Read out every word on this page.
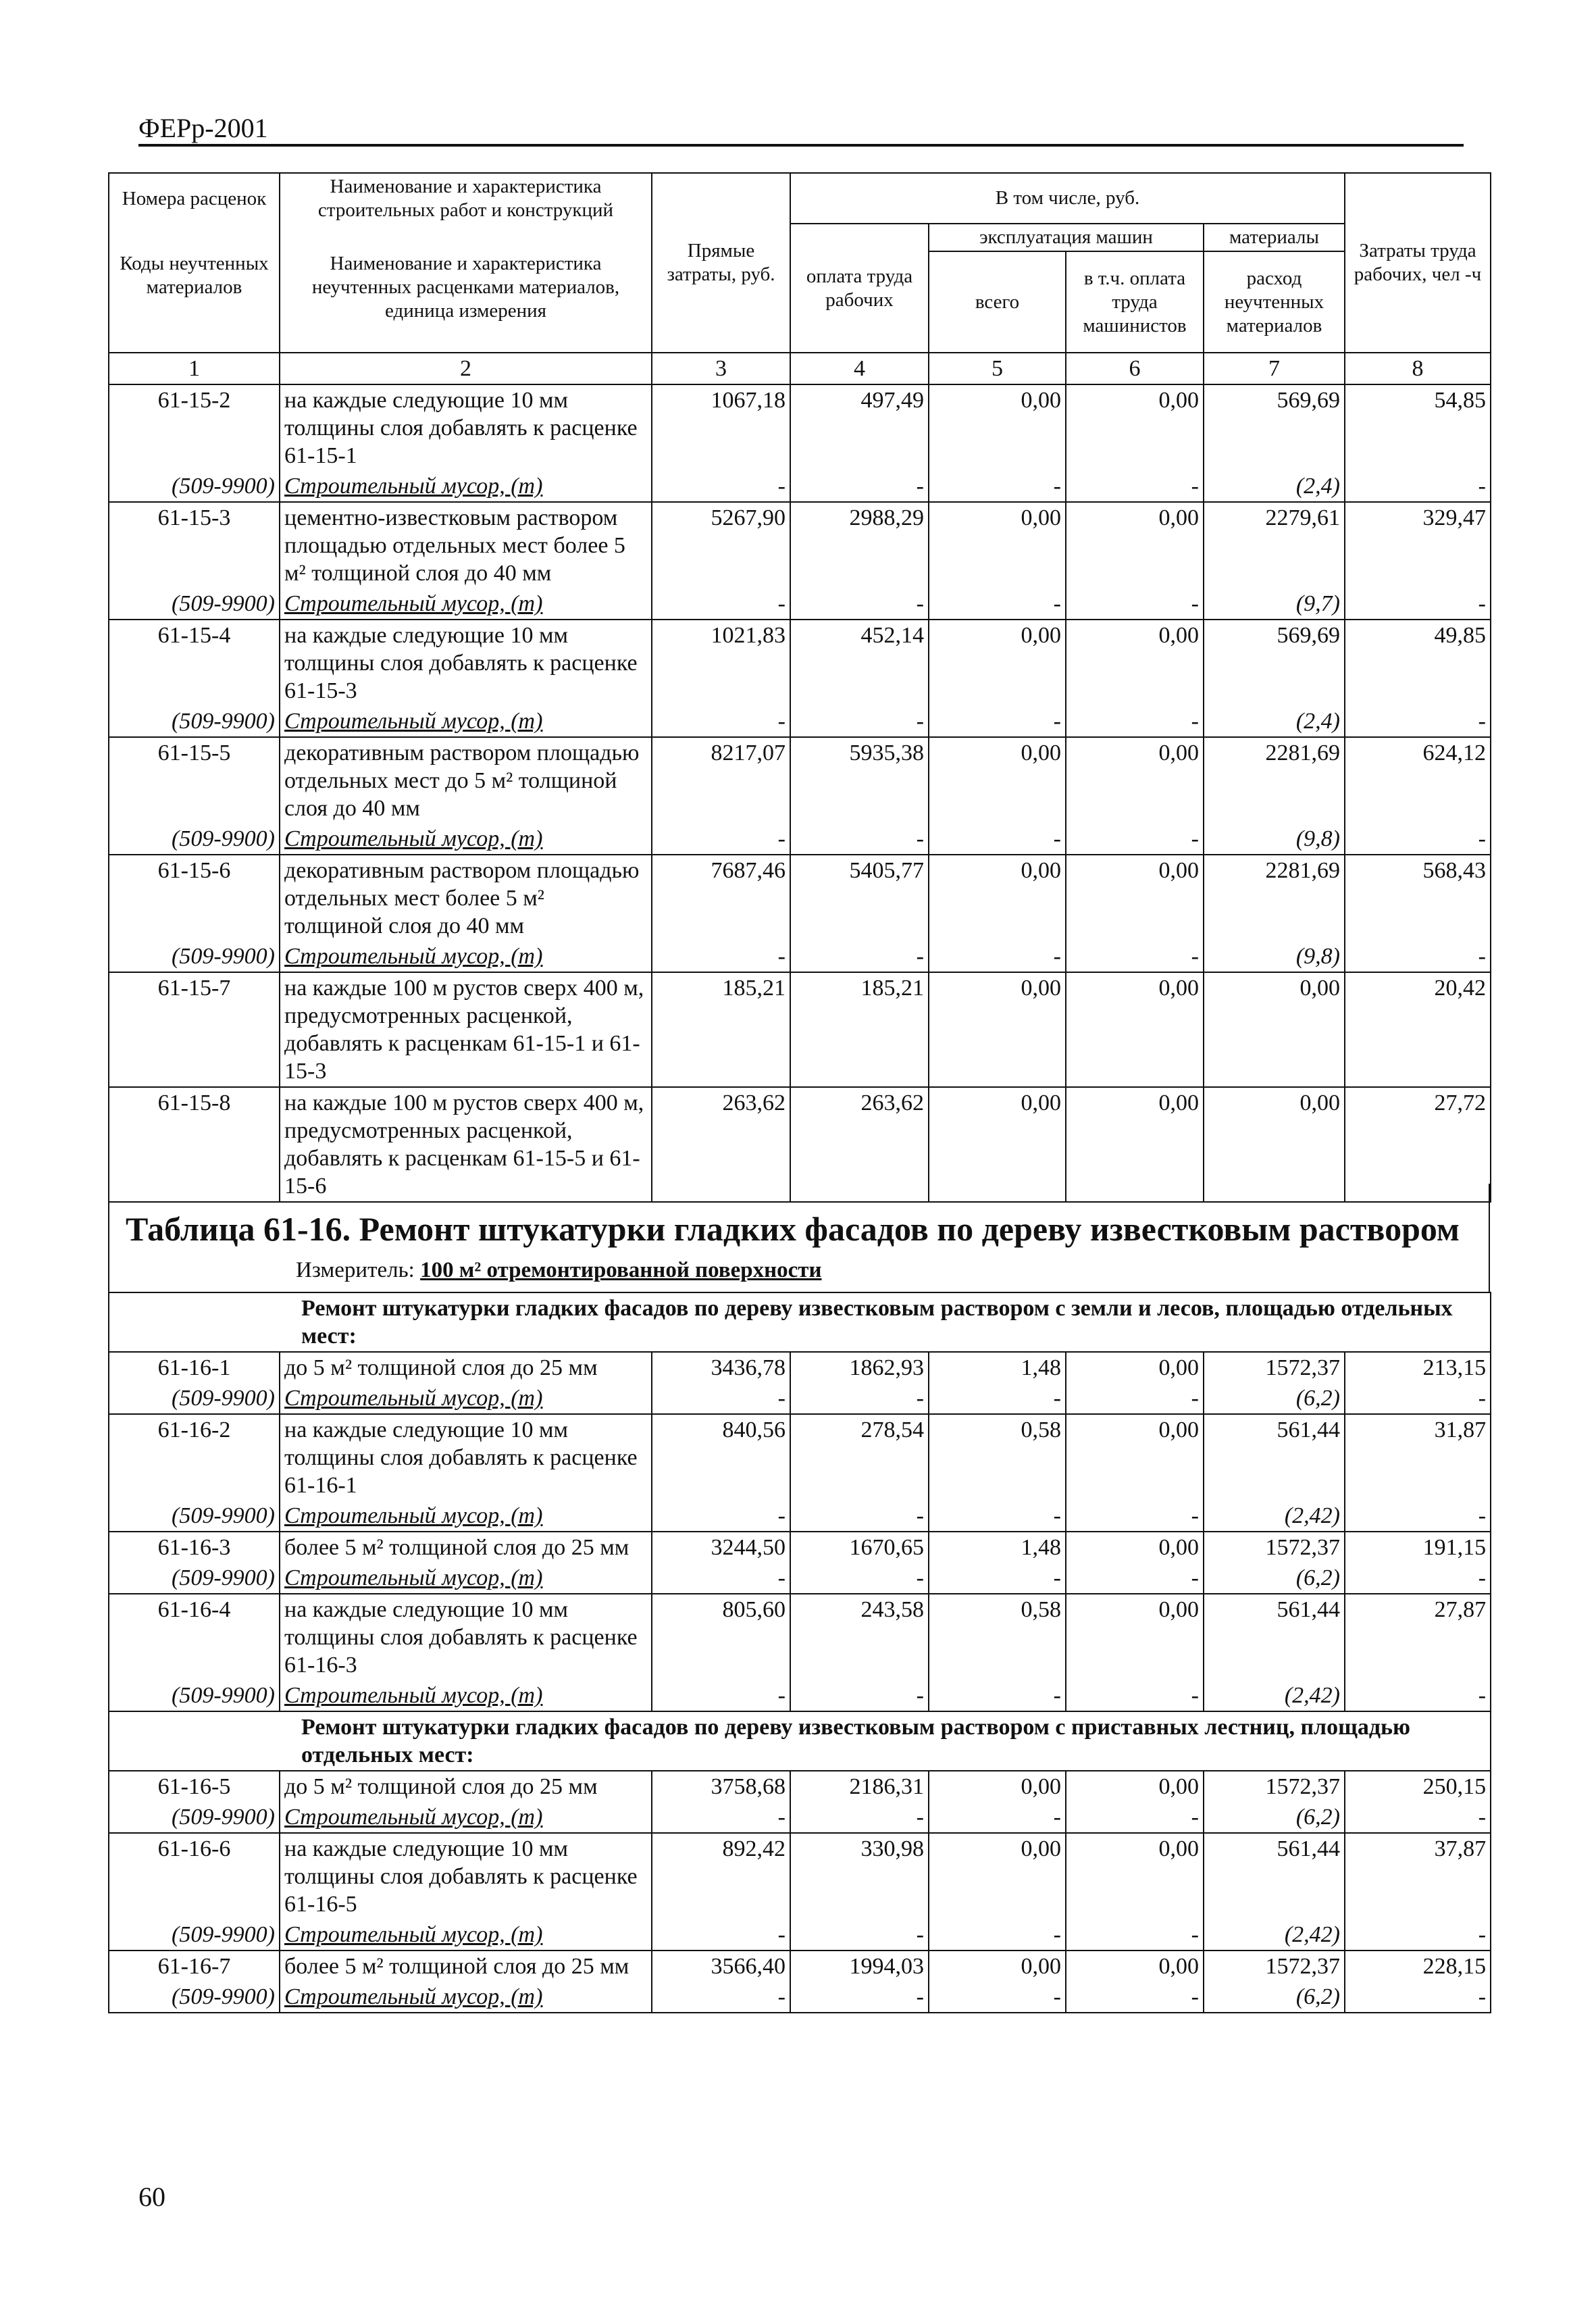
ФЕРр-2001
Номера расценок	Наименование и характеристика строительных работ и конструкций	Прямые затраты, руб.	В том числе, руб.				Затраты труда рабочих, чел -ч

Коды неучтенных материалов	Наименование и характеристика неучтенных расценками материалов, единица измерения		оплата труда рабочих	эксплуатация машин		материалы	
				всего	в т.ч. оплата труда машинистов	расход неучтенных материалов	
1	2	3	4	5	6	7	8
61-15-2	на каждые следующие 10 мм толщины слоя добавлять к расценке 61-15-1	1067,18	497,49	0,00	0,00	569,69	54,85
(509-9900)	Строительный мусор, (т)	-	-	-	-	(2,4)	-
61-15-3	цементно-известковым раствором площадью отдельных мест более 5 м² толщиной слоя до 40 мм	5267,90	2988,29	0,00	0,00	2279,61	329,47
(509-9900)	Строительный мусор, (т)	-	-	-	-	(9,7)	-
61-15-4	на каждые следующие 10 мм толщины слоя добавлять к расценке 61-15-3	1021,83	452,14	0,00	0,00	569,69	49,85
(509-9900)	Строительный мусор, (т)	-	-	-	-	(2,4)	-
61-15-5	декоративным раствором площадью отдельных мест до 5 м² толщиной слоя до 40 мм	8217,07	5935,38	0,00	0,00	2281,69	624,12
(509-9900)	Строительный мусор, (т)	-	-	-	-	(9,8)	-
61-15-6	декоративным раствором площадью отдельных мест более 5 м² толщиной слоя до 40 мм	7687,46	5405,77	0,00	0,00	2281,69	568,43
(509-9900)	Строительный мусор, (т)	-	-	-	-	(9,8)	-
61-15-7	на каждые 100 м рустов сверх 400 м, предусмотренных расценкой, добавлять к расценкам 61-15-1 и 61-15-3	185,21	185,21	0,00	0,00	0,00	20,42
61-15-8	на каждые 100 м рустов сверх 400 м, предусмотренных расценкой, добавлять к расценкам 61-15-5 и 61-15-6	263,62	263,62	0,00	0,00	0,00	27,72
Таблица 61-16. Ремонт штукатурки гладких фасадов по дереву известковым раствором
Измеритель: 100 м² отремонтированной поверхности
Ремонт штукатурки гладких фасадов по дереву известковым раствором с земли и лесов, площадью отдельных мест:							
61-16-1	до 5 м² толщиной слоя до 25 мм	3436,78	1862,93	1,48	0,00	1572,37	213,15
(509-9900)	Строительный мусор, (т)	-	-	-	-	(6,2)	-
61-16-2	на каждые следующие 10 мм толщины слоя добавлять к расценке 61-16-1	840,56	278,54	0,58	0,00	561,44	31,87
(509-9900)	Строительный мусор, (т)	-	-	-	-	(2,42)	-
61-16-3	более 5 м² толщиной слоя до 25 мм	3244,50	1670,65	1,48	0,00	1572,37	191,15
(509-9900)	Строительный мусор, (т)	-	-	-	-	(6,2)	-
61-16-4	на каждые следующие 10 мм толщины слоя добавлять к расценке 61-16-3	805,60	243,58	0,58	0,00	561,44	27,87
(509-9900)	Строительный мусор, (т)	-	-	-	-	(2,42)	-
Ремонт штукатурки гладких фасадов по дереву известковым раствором с приставных лестниц, площадью отдельных мест:							
61-16-5	до 5 м² толщиной слоя до 25 мм	3758,68	2186,31	0,00	0,00	1572,37	250,15
(509-9900)	Строительный мусор, (т)	-	-	-	-	(6,2)	-
61-16-6	на каждые следующие 10 мм толщины слоя добавлять к расценке 61-16-5	892,42	330,98	0,00	0,00	561,44	37,87
(509-9900)	Строительный мусор, (т)	-	-	-	-	(2,42)	-
61-16-7	более 5 м² толщиной слоя до 25 мм	3566,40	1994,03	0,00	0,00	1572,37	228,15
(509-9900)	Строительный мусор, (т)	-	-	-	-	(6,2)	-
60
